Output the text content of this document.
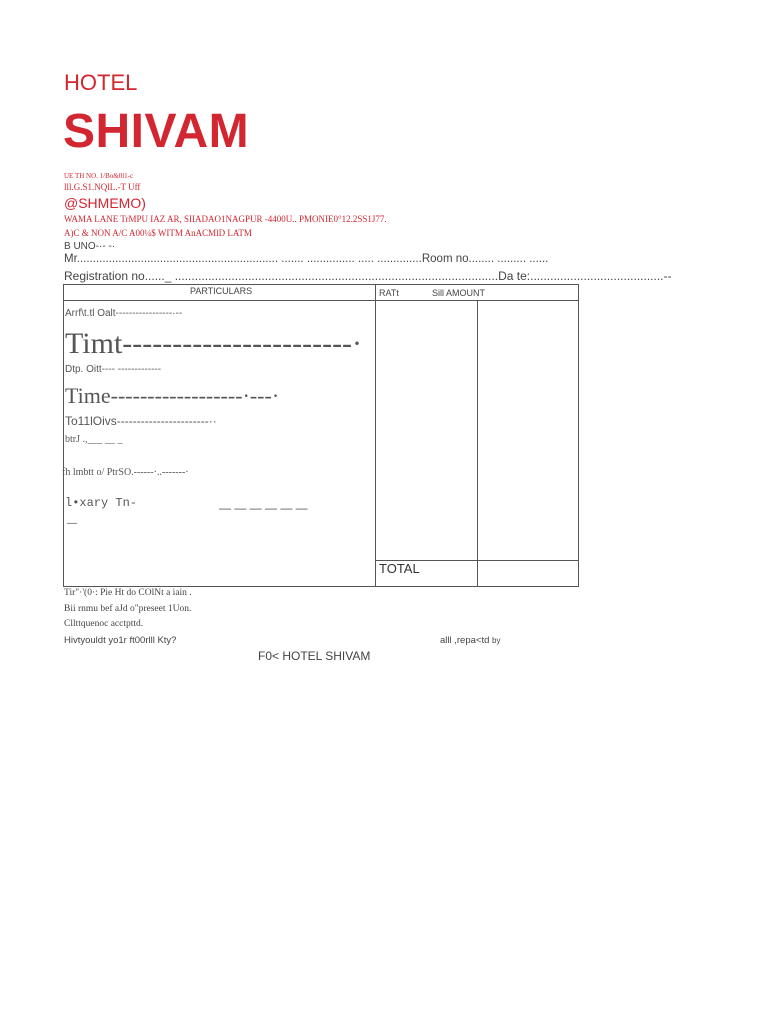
HOTEL
SHIVAM
UE TH NO. 1/Bo&0l1-c
lll.G.S1.NQlL.-T Uff
@SHMEMO)
WAMA LANE TrMPU IAZ AR, SIIADAO1NAGPUR -4400U.. PMONIE0°12.2SS1J77.
A)C & NON A/C A00¼$ WITM AnACMlD LATM
B UNO-·- -·
Mr............................................................... ....... ............... ..... ..............Room no........ ......... ......
Registration no......_ .................................................................................................Da te:........................................--
PARTICULARS	RATt	Sill AMOUNT
Arrf\t.tl Oalt-----------------·--
Timt-----------------------·
Dtp. Oitt---- -------------
Time------------------·---·
To11lOivs-----------------------··
btrJ .,___ __ _
fh lmbtt o/ PtrSO.------·..-------·
l•xary Tn-	— — — — — —
—
TOTAL
Tir"·'(0·: Pie Ht do COlNt a iain .
Bii rnmu bef aJd o"preseet 1Uon.
Cllttquenoc acctpttd.
Hivtyouldt yo1r ft00rlll Kty?	alll ,repa<td by
F0< HOTEL SHIVAM
